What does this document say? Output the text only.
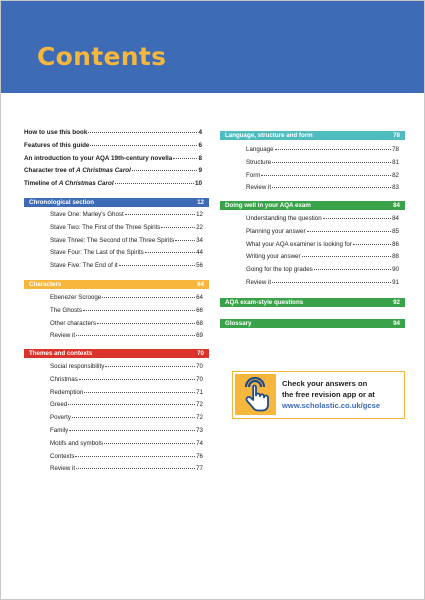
Contents
How to use this book	4
Features of this guide	6
An introduction to your AQA 19th-century novella	8
Character tree of A Christmas Carol	9
Timeline of A Christmas Carol	10
Chronological section	12
Stave One: Marley's Ghost	12
Stave Two: The First of the Three Spirits	22
Stave Three: The Second of the Three Spirits	34
Stave Four: The Last of the Spirits	44
Stave Five: The End of it	56
Characters	64
Ebenezer Scrooge	64
The Ghosts	66
Other characters	68
Review it	69
Themes and contexts	70
Social responsibility	70
Christmas	70
Redemption	71
Greed	72
Poverty	72
Family	73
Motifs and symbols	74
Contexts	76
Review it	77
Language, structure and form	78
Language	78
Structure	81
Form	82
Review it	83
Doing well in your AQA exam	84
Understanding the question	84
Planning your answer	85
What your AQA examiner is looking for	86
Writing your answer	88
Going for the top grades	90
Review it	91
AQA exam-style questions	92
Glossary	94
Check your answers on
the free revision app or at
www.scholastic.co.uk/gcse
